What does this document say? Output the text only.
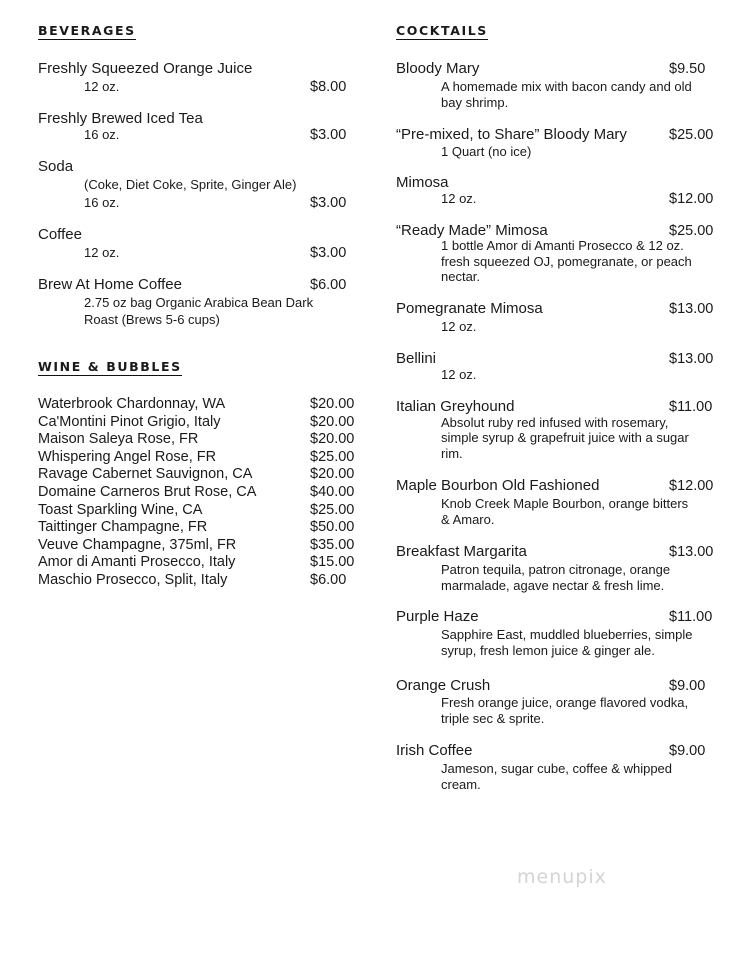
BEVERAGES
Freshly Squeezed Orange Juice
12 oz.	$8.00
Freshly Brewed Iced Tea
16 oz.	$3.00
Soda
(Coke, Diet Coke, Sprite, Ginger Ale)
16 oz.	$3.00
Coffee
12 oz.	$3.00
Brew At Home Coffee	$6.00
2.75 oz bag Organic Arabica Bean Dark
Roast (Brews 5-6 cups)
WINE & BUBBLES
Waterbrook Chardonnay, WA	$20.00
Ca'Montini Pinot Grigio, Italy	$20.00
Maison Saleya Rose, FR	$20.00
Whispering Angel Rose, FR	$25.00
Ravage Cabernet Sauvignon, CA	$20.00
Domaine Carneros Brut Rose, CA	$40.00
Toast Sparkling Wine, CA	$25.00
Taittinger Champagne, FR	$50.00
Veuve Champagne, 375ml, FR	$35.00
Amor di Amanti Prosecco, Italy	$15.00
Maschio Prosecco, Split, Italy	$6.00
COCKTAILS
Bloody Mary	$9.50
A homemade mix with bacon candy and old
bay shrimp.
“Pre-mixed, to Share” Bloody Mary	$25.00
1 Quart (no ice)
Mimosa
12 oz.	$12.00
“Ready Made” Mimosa	$25.00
1 bottle Amor di Amanti Prosecco & 12 oz.
fresh squeezed OJ, pomegranate, or peach
nectar.
Pomegranate Mimosa	$13.00
12 oz.
Bellini	$13.00
12 oz.
Italian Greyhound	$11.00
Absolut ruby red infused with rosemary,
simple syrup & grapefruit juice with a sugar
rim.
Maple Bourbon Old Fashioned	$12.00
Knob Creek Maple Bourbon, orange bitters
& Amaro.
Breakfast Margarita	$13.00
Patron tequila, patron citronage, orange
marmalade, agave nectar & fresh lime.
Purple Haze	$11.00
Sapphire East, muddled blueberries, simple
syrup, fresh lemon juice & ginger ale.
Orange Crush	$9.00
Fresh orange juice, orange flavored vodka,
triple sec & sprite.
Irish Coffee	$9.00
Jameson, sugar cube, coffee & whipped
cream.
menupix
